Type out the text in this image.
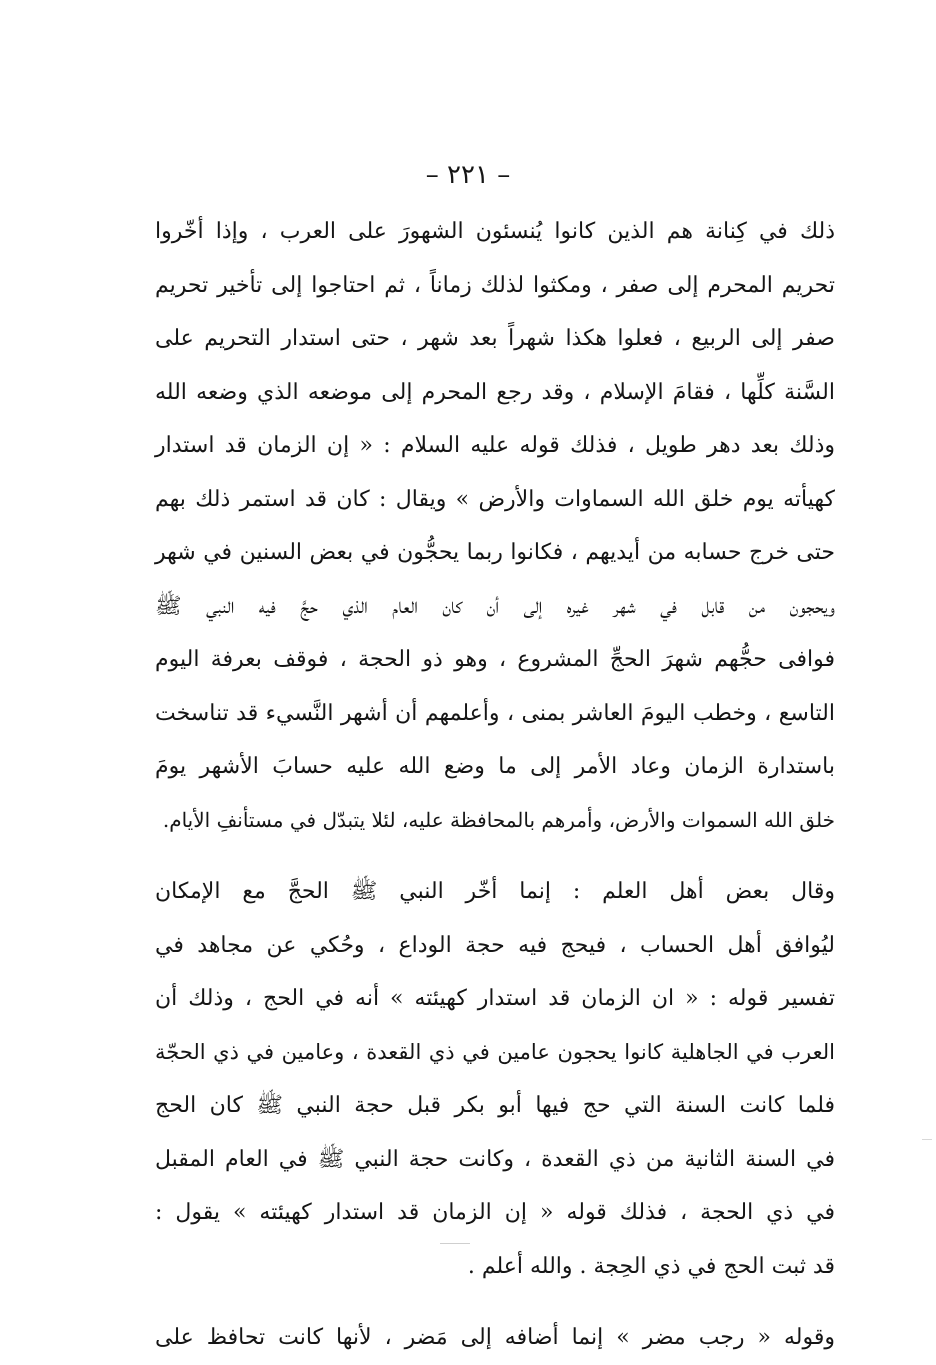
– ٢٢١ –
ذلك في كِنانة هم الذين كانوا يُنسئون الشهورَ على العرب ، وإذا أخّروا
تحريم المحرم إلى صفر ، ومكثوا لذلك زماناً ، ثم احتاجوا إلى تأخير تحريم
صفر إلى الربيع ، فعلوا هكذا شهراً بعد شهر ، حتى استدار التحريم على
السَّنة كلِّها ، فقامَ الإسلام ، وقد رجع المحرم إلى موضعه الذي وضعه الله
وذلك بعد دهر طويل ، فذلك قوله عليه السلام : « إن الزمان قد استدار
كهيأته يوم خلق الله السماوات والأرض » ويقال : كان قد استمر ذلك بهم
حتى خرج حسابه من أيديهم ، فكانوا ربما يحجُّون في بعض السنين في شهر
ويحجون من قابل في شهر غيره إلى أن كان العام الذي حجَّ فيه النبي ﷺ
فوافى حجُّهم شهرَ الحجِّ المشروع ، وهو ذو الحجة ، فوقف بعرفة اليوم
التاسع ، وخطب اليومَ العاشر بمنى ، وأعلمهم أن أشهر النَّسيء قد تناسخت
باستدارة الزمان وعاد الأمر إلى ما وضع الله عليه حسابَ الأشهر يومَ
خلق الله السموات والأرض، وأمرهم بالمحافظة عليه، لئلا يتبدّل في مستأنفِ الأيام.
وقال بعض أهل العلم : إنما أخّر النبي ﷺ الحجَّ مع الإمكان
ليُوافق أهل الحساب ، فيحج فيه حجة الوداع ، وحُكي عن مجاهد في
تفسير قوله : « ان الزمان قد استدار كهيئته » أنه في الحج ، وذلك أن
العرب في الجاهلية كانوا يحجون عامين في ذي القعدة ، وعامين في ذي الحجّة
فلما كانت السنة التي حج فيها أبو بكر قبل حجة النبي ﷺ كان الحج
في السنة الثانية من ذي القعدة ، وكانت حجة النبي ﷺ في العام المقبل
في ذي الحجة ، فذلك قوله « إن الزمان قد استدار كهيئته » يقول :
قد ثبت الحج في ذي الحِجة . والله أعلم .
وقوله « رجب مضر » إنما أضافه إلى مَضر ، لأنها كانت تحافظ على
